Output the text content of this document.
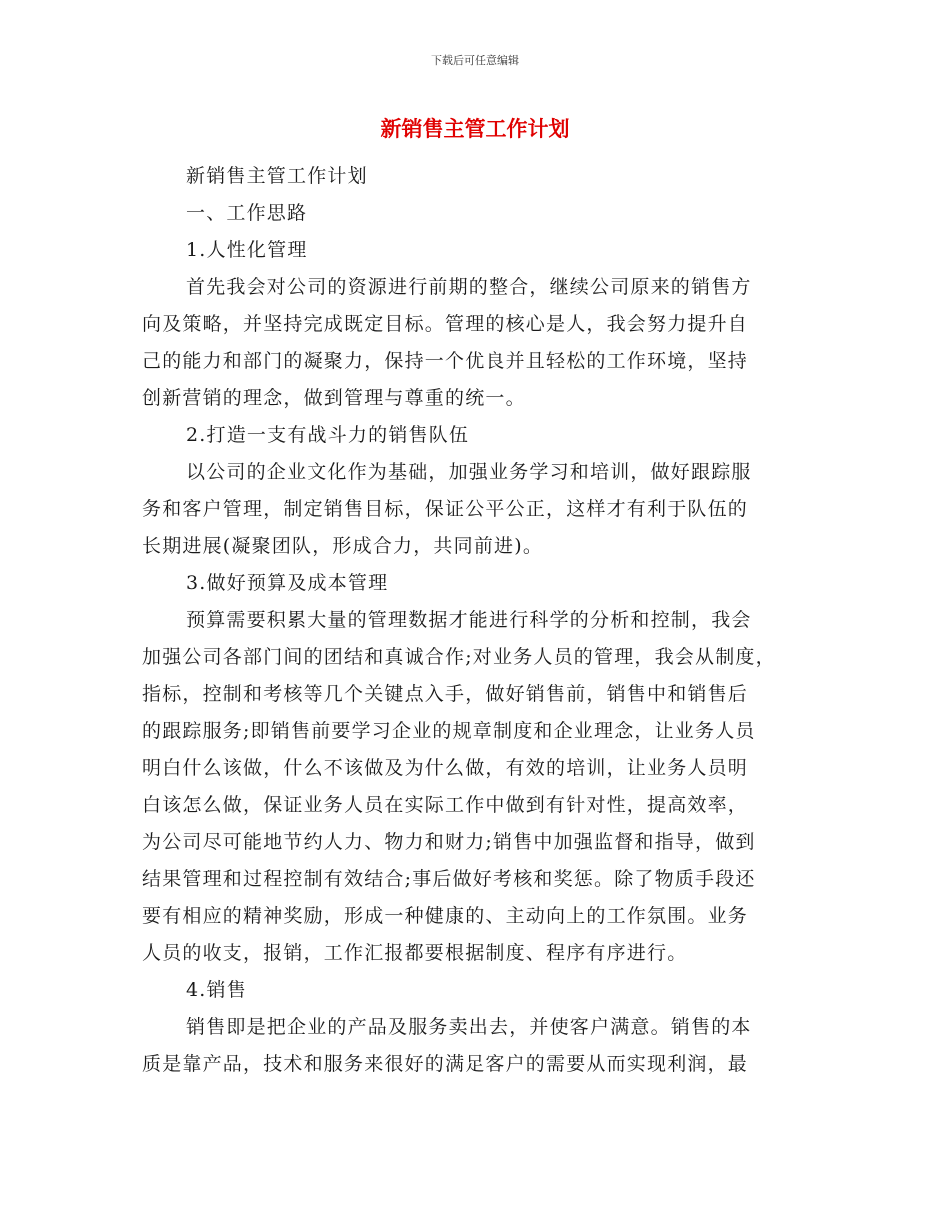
下载后可任意编辑
新销售主管工作计划
新销售主管工作计划
一、工作思路
1.人性化管理
首先我会对公司的资源进行前期的整合，继续公司原来的销售方
向及策略，并坚持完成既定目标。管理的核心是人，我会努力提升自
己的能力和部门的凝聚力，保持一个优良并且轻松的工作环境，坚持
创新营销的理念，做到管理与尊重的统一。
2.打造一支有战斗力的销售队伍
以公司的企业文化作为基础，加强业务学习和培训，做好跟踪服
务和客户管理，制定销售目标，保证公平公正，这样才有利于队伍的
长期进展(凝聚团队，形成合力，共同前进)。
3.做好预算及成本管理
预算需要积累大量的管理数据才能进行科学的分析和控制，我会
加强公司各部门间的团结和真诚合作;对业务人员的管理，我会从制度，
指标，控制和考核等几个关键点入手，做好销售前，销售中和销售后
的跟踪服务;即销售前要学习企业的规章制度和企业理念，让业务人员
明白什么该做，什么不该做及为什么做，有效的培训，让业务人员明
白该怎么做，保证业务人员在实际工作中做到有针对性，提高效率，
为公司尽可能地节约人力、物力和财力;销售中加强监督和指导，做到
结果管理和过程控制有效结合;事后做好考核和奖惩。除了物质手段还
要有相应的精神奖励，形成一种健康的、主动向上的工作氛围。业务
人员的收支，报销，工作汇报都要根据制度、程序有序进行。
4.销售
销售即是把企业的产品及服务卖出去，并使客户满意。销售的本
质是靠产品，技术和服务来很好的满足客户的需要从而实现利润，最
